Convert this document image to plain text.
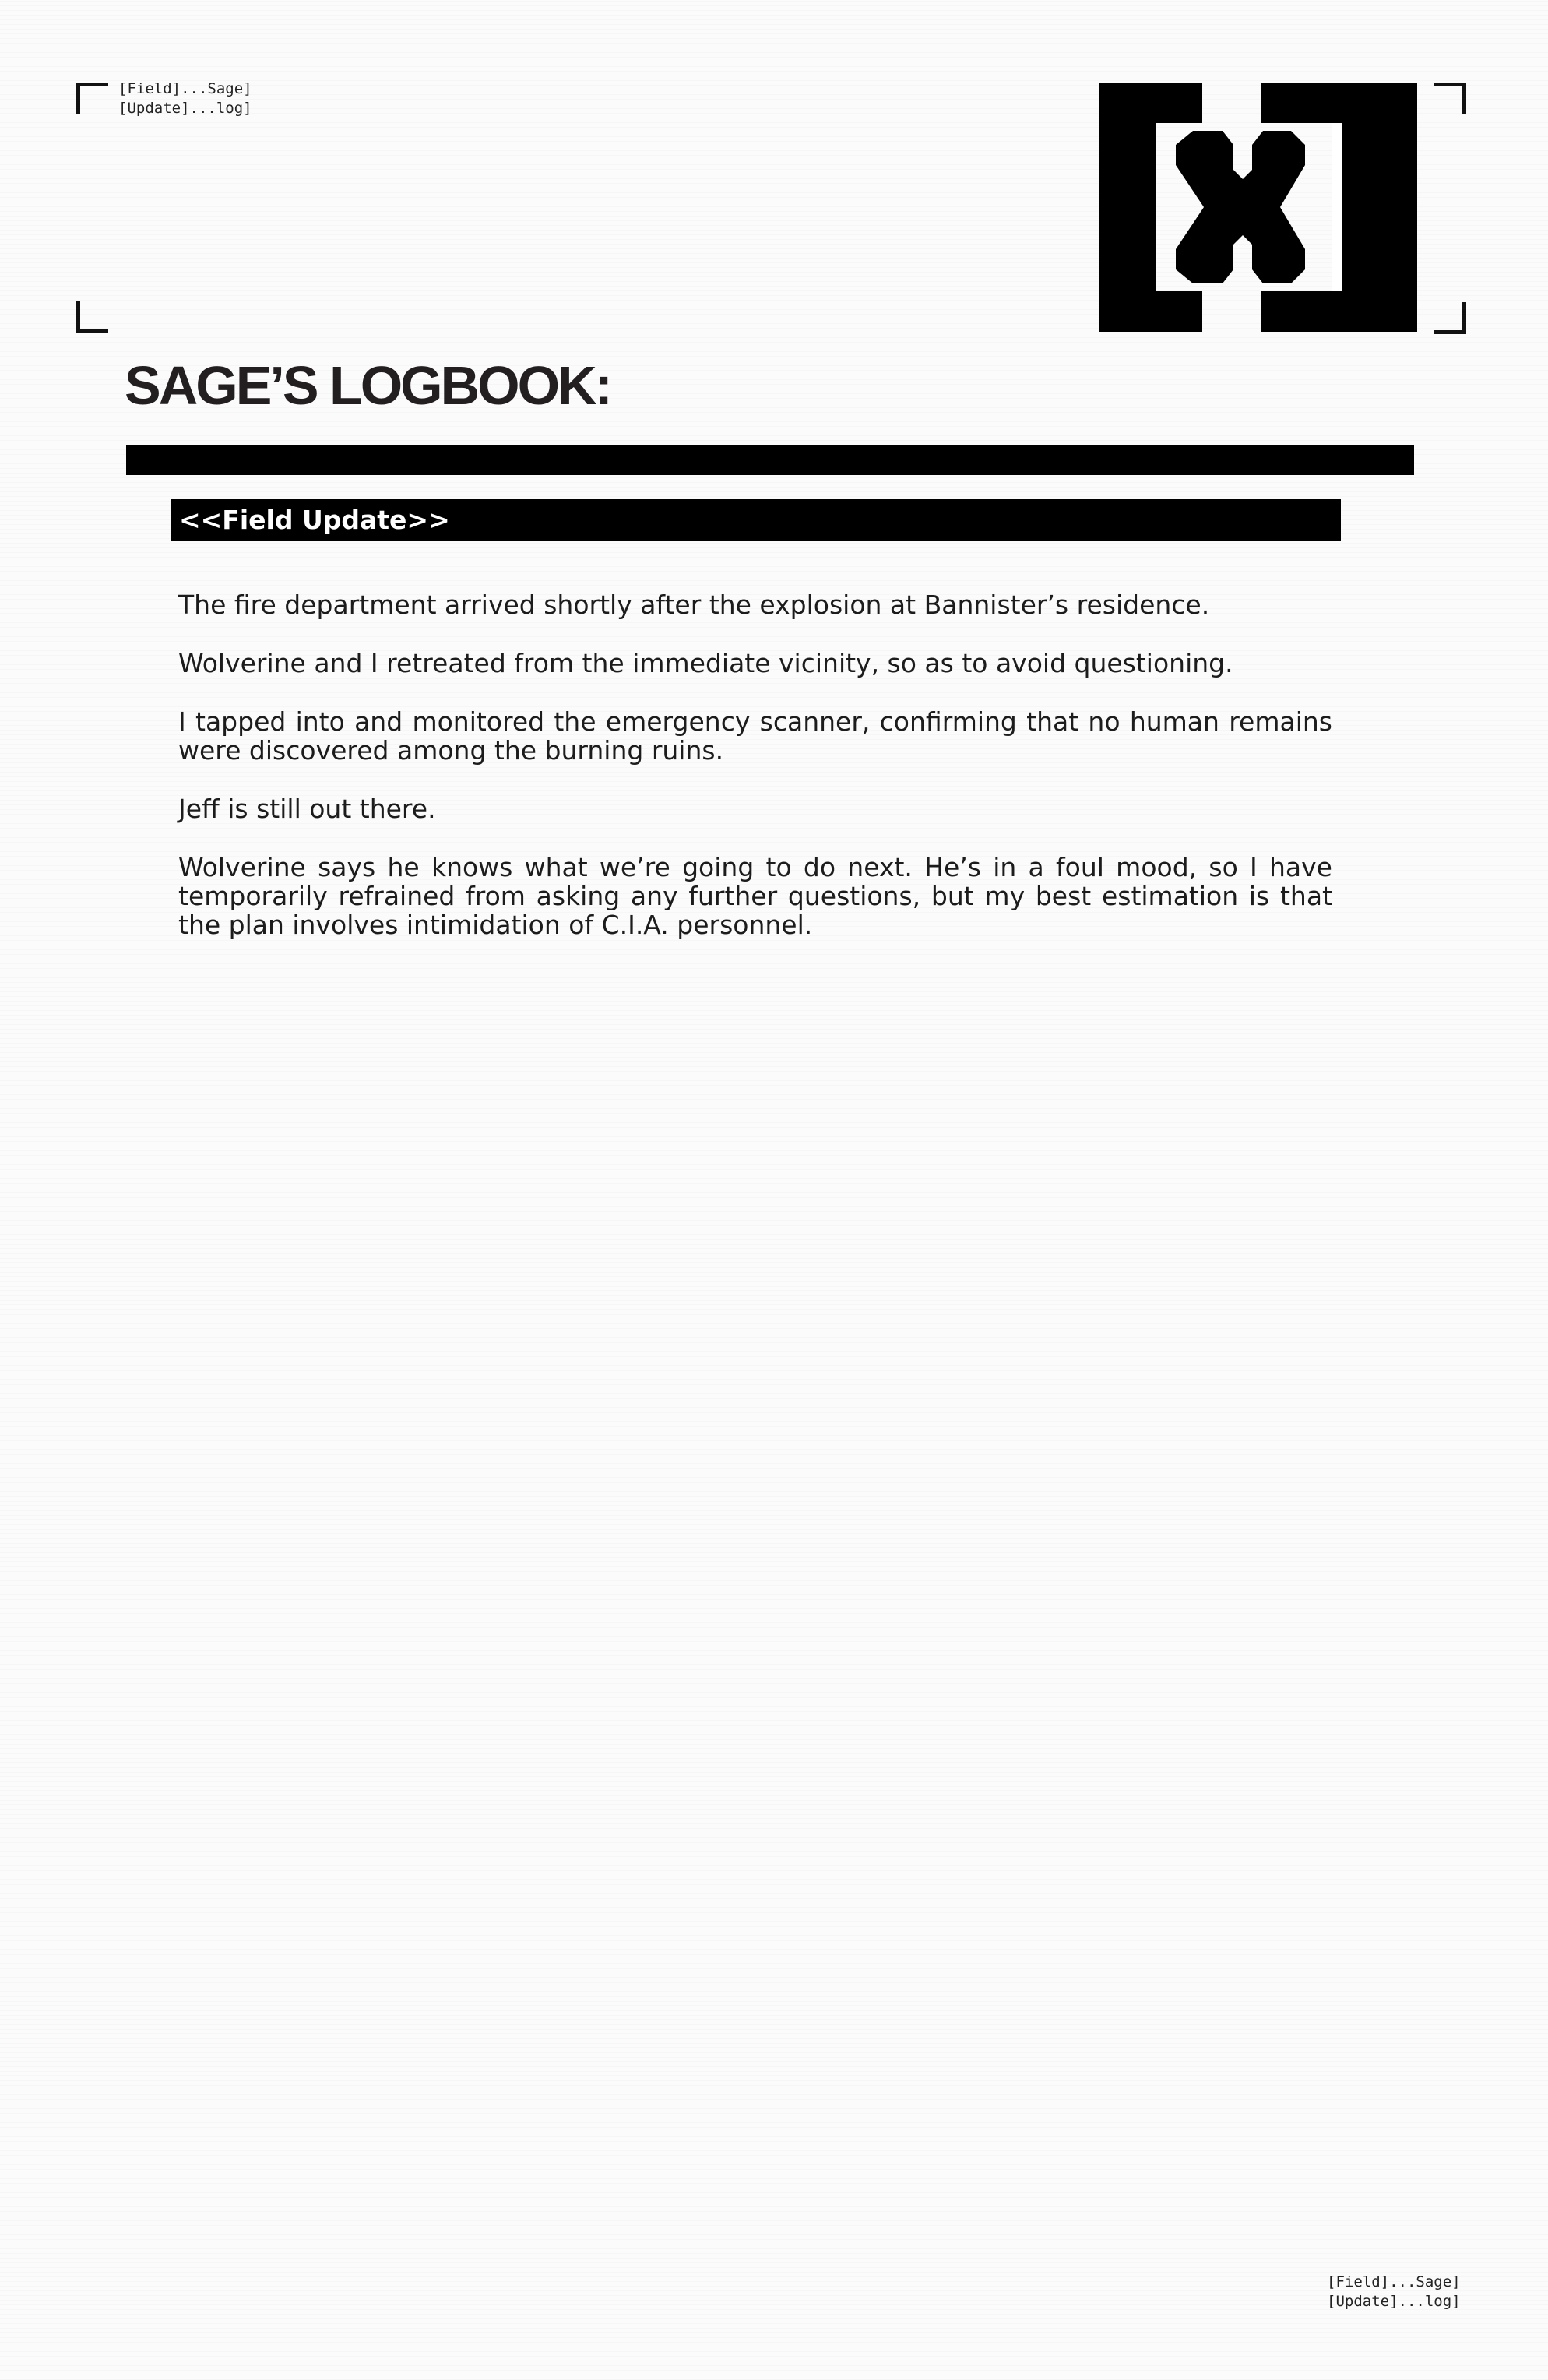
[Field]...Sage]
[Update]...log]
SAGE’S LOGBOOK:
<<Field Update>>

The fire department arrived shortly after the explosion at Bannister’s residence.

Wolverine and I retreated from the immediate vicinity, so as to avoid questioning.

I tapped into and monitored the emergency scanner, confirming that no human remains were discovered among the burning ruins.

Jeff is still out there.

Wolverine says he knows what we’re going to do next. He’s in a foul mood, so I have temporarily refrained from asking any further questions, but my best estimation is that the plan involves intimidation of C.I.A. personnel.

[Field]...Sage]
[Update]...log]
